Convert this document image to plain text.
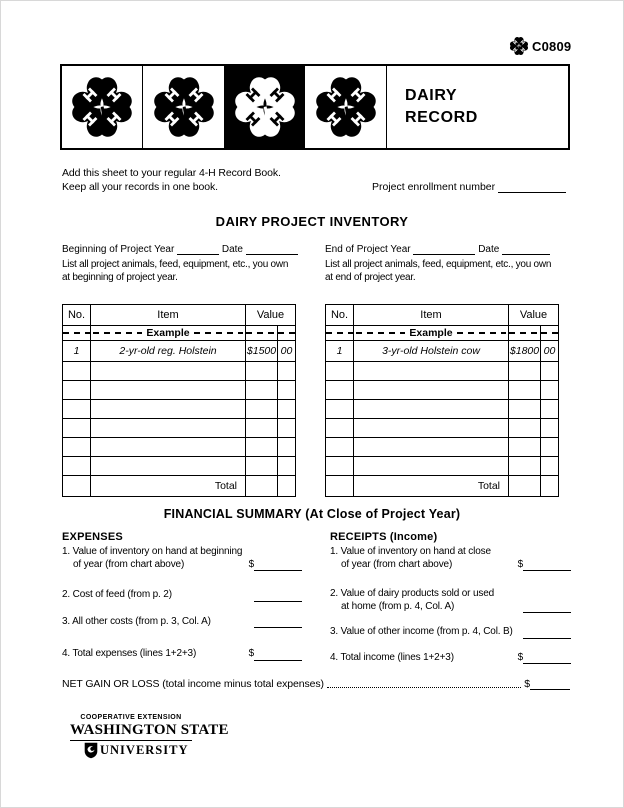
C0809
DAIRY
RECORD
Add this sheet to your regular 4-H Record Book.
Keep all your records in one book.	Project enrollment number
DAIRY PROJECT INVENTORY
Beginning of Project Year	Date
List all project animals, feed, equipment, etc., you own
at beginning of project year.
No.	Item	Value	

	Example		

1	2-yr-old reg. Holstein	$1500	00

	Total		
End of Project Year	Date
List all project animals, feed, equipment, etc., you own
at end of project year.
No.	Item	Value	

	Example		

1	3-yr-old Holstein cow	$1800	00

	Total		
FINANCIAL SUMMARY (At Close of Project Year)
EXPENSES
1. Value of inventory on hand at beginning
of year (from chart above)	$
2. Cost of feed (from p. 2)
3. All other costs (from p. 3, Col. A)
4. Total expenses (lines 1+2+3)	$
RECEIPTS (Income)
1. Value of inventory on hand at close
of year (from chart above)	$
2. Value of dairy products sold or used
at home (from p. 4, Col. A)
3. Value of other income (from p. 4, Col. B)
4. Total income (lines 1+2+3)	$
NET GAIN OR LOSS (total income minus total expenses)	$
COOPERATIVE EXTENSION
WASHINGTON STATE
UNIVERSITY
